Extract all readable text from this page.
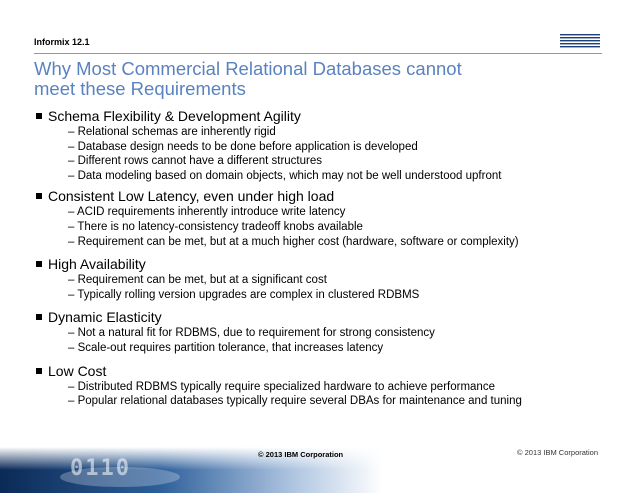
Informix 12.1
Why Most Commercial Relational Databases cannot
meet these Requirements
Schema Flexibility & Development Agility
– Relational schemas are inherently rigid
– Database design needs to be done before application is developed
– Different rows cannot have a different structures
– Data modeling based on domain objects, which may not be well understood upfront
Consistent Low Latency, even under high load
– ACID requirements inherently introduce write latency
– There is no latency-consistency tradeoff knobs available
– Requirement can be met, but at a much higher cost (hardware, software or complexity)
High Availability
– Requirement can be met, but at a significant cost
– Typically rolling version upgrades are complex in clustered RDBMS
Dynamic Elasticity
– Not a natural fit for RDBMS, due to requirement for strong consistency
– Scale-out requires partition tolerance, that increases latency
Low Cost
– Distributed RDBMS typically require specialized hardware to achieve performance
– Popular relational databases typically require several DBAs for maintenance and tuning
0110
© 2013 IBM Corporation	© 2013 IBM Corporation
